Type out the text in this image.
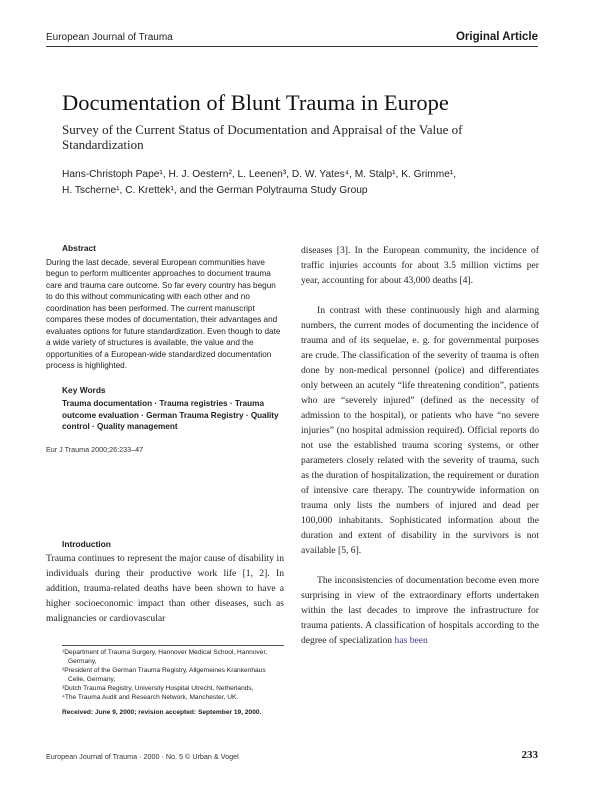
European Journal of Trauma	Original Article
Documentation of Blunt Trauma in Europe
Survey of the Current Status of Documentation and Appraisal of the Value of Standardization
Hans-Christoph Pape¹, H. J. Oestern², L. Leenen³, D. W. Yates⁴, M. Stalp¹, K. Grimme¹,
H. Tscherne¹, C. Krettek¹, and the German Polytrauma Study Group
Abstract
During the last decade, several European communities have begun to perform multicenter approaches to document trauma care and trauma care outcome. So far every country has begun to do this without communicating with each other and no coordination has been performed. The current manuscript compares these modes of documentation, their advantages and evaluates options for future standardization. Even though to date a wide variety of structures is available, the value and the opportunities of a European-wide standardized documentation process is highlighted.
Key Words
Trauma documentation · Trauma registries · Trauma outcome evaluation · German Trauma Registry · Quality control · Quality management
Eur J Trauma 2000;26:233–47
Introduction
Trauma continues to represent the major cause of disability in individuals during their productive work life [1, 2]. In addition, trauma-related deaths have been shown to have a higher socioeconomic impact than other diseases, such as malignancies or cardiovascular

diseases [3]. In the European community, the incidence of traffic injuries accounts for about 3.5 million victims per year, accounting for about 43,000 deaths [4].

In contrast with these continuously high and alarming numbers, the current modes of documenting the incidence of trauma and of its sequelae, e. g. for governmental purposes are crude. The classification of the severity of trauma is often done by non-medical personnel (police) and differentiates only between an acutely “life threatening condition”, patients who are “severely injured” (defined as the necessity of admission to the hospital), or patients who have “no severe injuries” (no hospital admission required). Official reports do not use the established trauma scoring systems, or other parameters closely related with the severity of trauma, such as the duration of hospitalization, the requirement or duration of intensive care therapy. The countrywide information on trauma only lists the numbers of injured and dead per 100,000 inhabitants. Sophisticated information about the duration and extent of disability in the survivors is not available [5, 6].

The inconsistencies of documentation become even more surprising in view of the extraordinary efforts undertaken within the last decades to improve the infrastructure for trauma patients. A classification of hospitals according to the degree of specialization has been

¹Department of Trauma Surgery, Hannover Medical School, Hannover, Germany,
²President of the German Trauma Registry, Allgemeines Krankenhaus Celle, Germany,
³Dutch Trauma Registry, University Hospital Utrecht, Netherlands,
⁴The Trauma Audit and Research Network, Manchester, UK.
Received: June 9, 2000; revision accepted: September 19, 2000.
European Journal of Trauma · 2000 · No. 5 © Urban & Vogel	233
